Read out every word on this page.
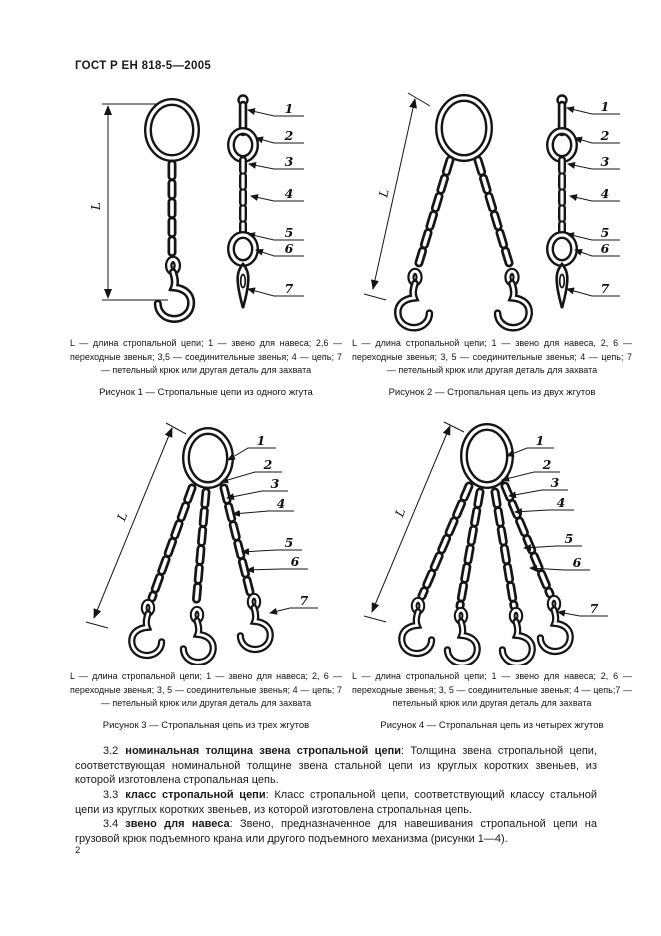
ГОСТ Р ЕН 818-5—2005
L
1
2
3
4
5
6
7
L — длина стропальной цепи; 1 — звено для навеса; 2,6 — переходные звенья; 3,5 — соединительные звенья; 4 — цепь; 7 — петельный крюк или другая деталь для захвата
Рисунок 1 — Стропальные цепи из одного жгута
L
1
2
3
4
5
6
7
L — длина стропальной цепи; 1 — звено для навеса, 2, 6 — переходные звенья; 3, 5 — соединительные звенья; 4 — цепь; 7 — петельный крюк или другая деталь для захвата
Рисунок 2 — Стропальная цепь из двух жгутов
L
1
2
3
4
5
6
7
L — длина стропальной цепи; 1 — звено для навеса; 2, 6 — переходные звенья; 3, 5 — соединительные звенья; 4 — цепь; 7 — петельный крюк или другая деталь для захвата
Рисунок 3 — Стропальная цепь из трех жгутов
L
1
2
3
4
5
6
7
L — длина стропальной цепи; 1 — звено для навеса; 2, 6 — переходные звенья; 3, 5 — соединительные звенья; 4 — цепь;7 — петельный крюк или другая деталь для захвата
Рисунок 4 — Стропальная цепь из четырех жгутов

3.2 номинальная толщина звена стропальной цепи: Толщина звена стропальной цепи, соответствующая номинальной толщине звена стальной цепи из круглых коротких звеньев, из которой изготовлена стропальная цепь.

3.3 класс стропальной цепи: Класс стропальной цепи, соответствующий классу стальной цепи из круглых коротких звеньев, из которой изготовлена стропальная цепь.

3.4 звено для навеса: Звено, предназначенное для навешивания стропальной цепи на грузовой крюк подъемного крана или другого подъемного механизма (рисунки 1—4).

2
